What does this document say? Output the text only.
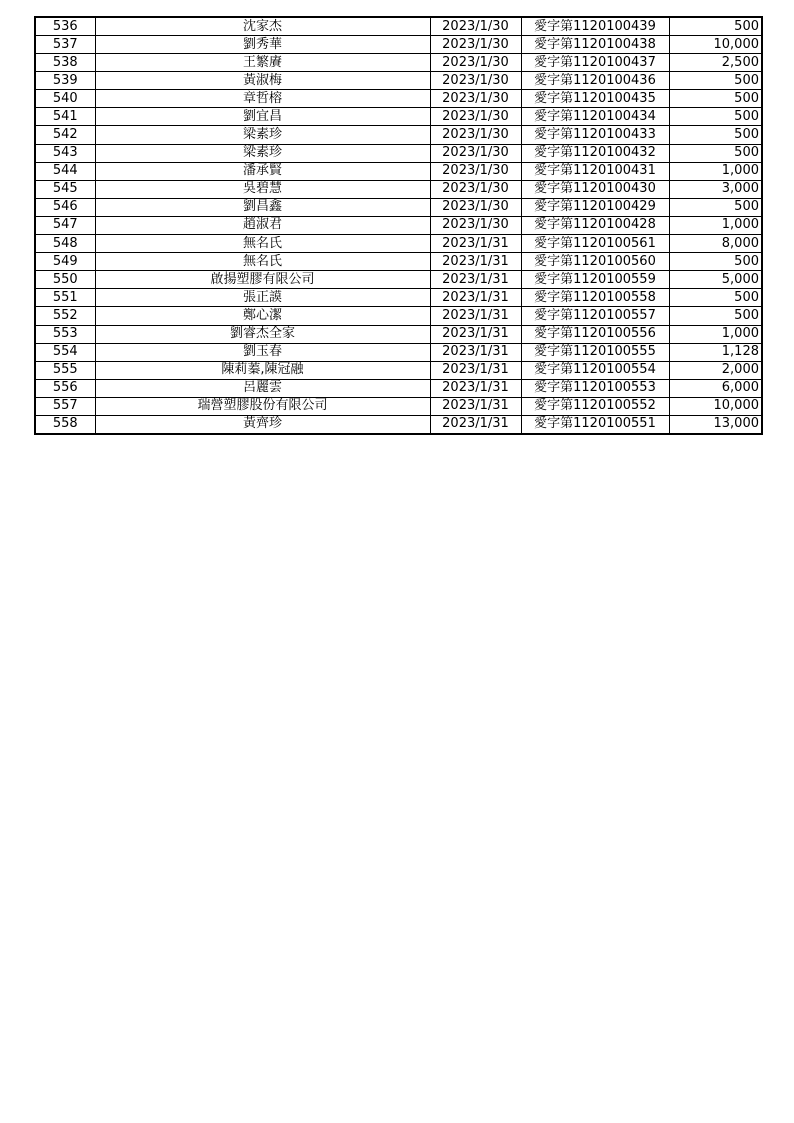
536	沈家杰	2023/1/30	愛字第1120100439	500
537	劉秀華	2023/1/30	愛字第1120100438	10,000
538	王繁賡	2023/1/30	愛字第1120100437	2,500
539	黃淑梅	2023/1/30	愛字第1120100436	500
540	章哲榕	2023/1/30	愛字第1120100435	500
541	劉宜昌	2023/1/30	愛字第1120100434	500
542	梁素珍	2023/1/30	愛字第1120100433	500
543	梁素珍	2023/1/30	愛字第1120100432	500
544	潘承賢	2023/1/30	愛字第1120100431	1,000
545	吳碧慧	2023/1/30	愛字第1120100430	3,000
546	劉昌鑫	2023/1/30	愛字第1120100429	500
547	趙淑君	2023/1/30	愛字第1120100428	1,000
548	無名氏	2023/1/31	愛字第1120100561	8,000
549	無名氏	2023/1/31	愛字第1120100560	500
550	啟揚塑膠有限公司	2023/1/31	愛字第1120100559	5,000
551	張正謨	2023/1/31	愛字第1120100558	500
552	鄭心潔	2023/1/31	愛字第1120100557	500
553	劉睿杰全家	2023/1/31	愛字第1120100556	1,000
554	劉玉春	2023/1/31	愛字第1120100555	1,128
555	陳莉蓁,陳冠融	2023/1/31	愛字第1120100554	2,000
556	呂麗雲	2023/1/31	愛字第1120100553	6,000
557	瑞營塑膠股份有限公司	2023/1/31	愛字第1120100552	10,000
558	黃齊珍	2023/1/31	愛字第1120100551	13,000
